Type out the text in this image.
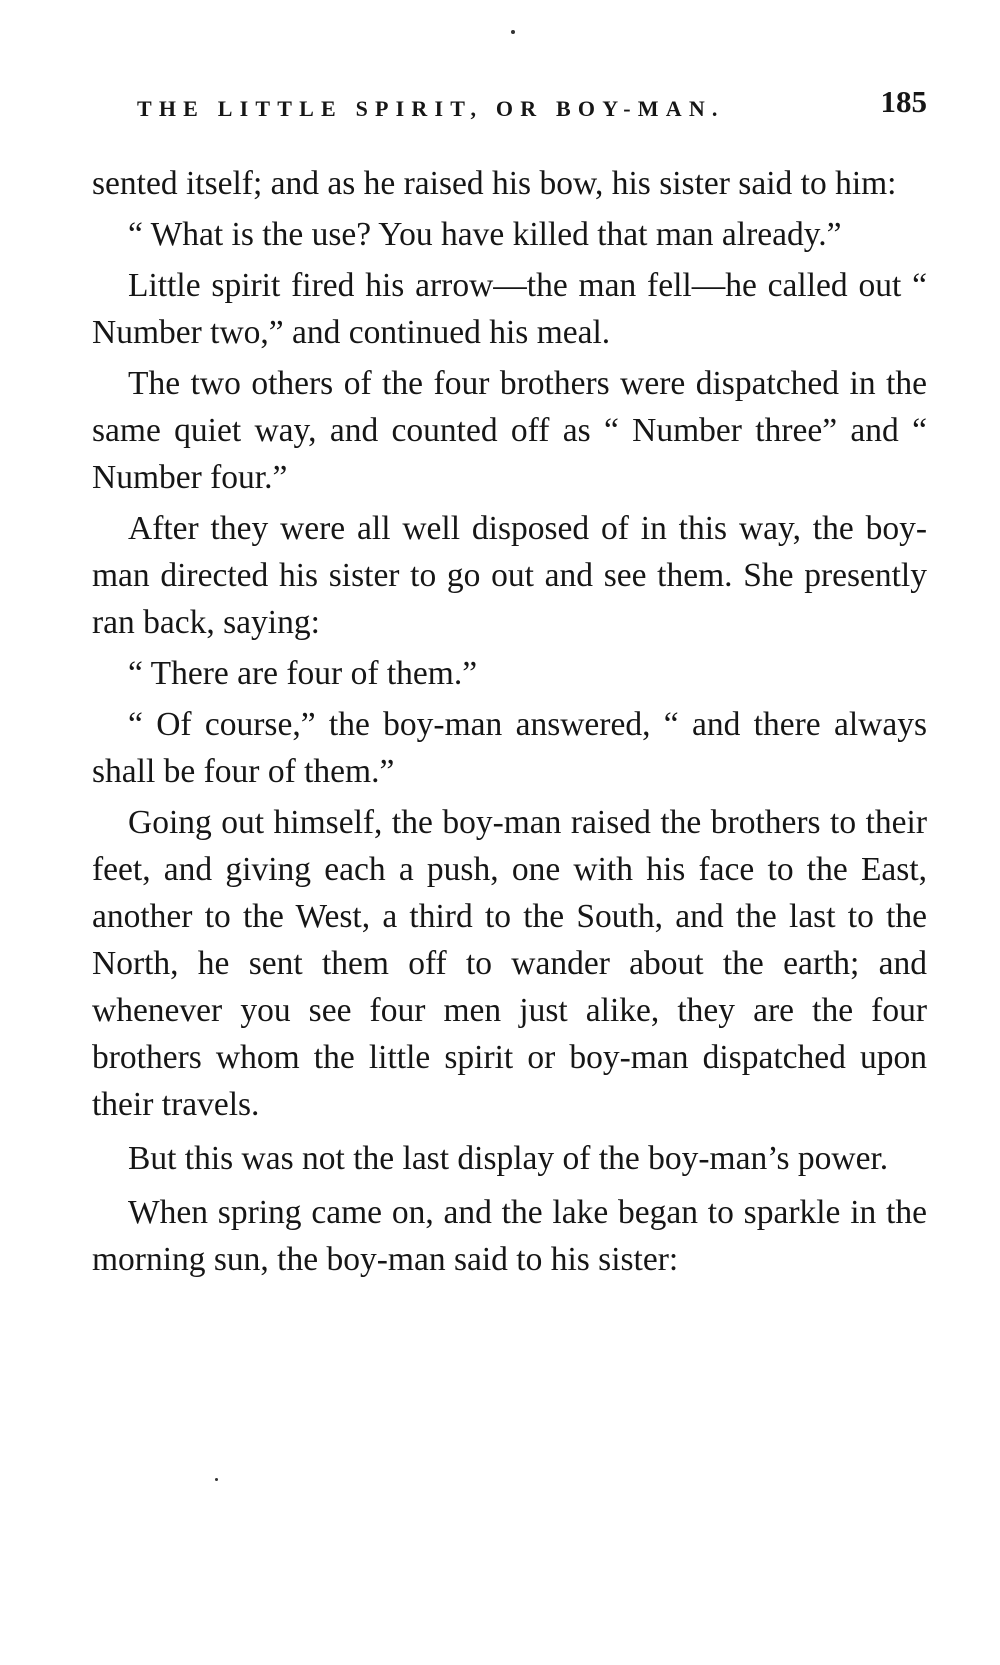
THE LITTLE SPIRIT, OR BOY-MAN.	185

sented itself; and as he raised his bow, his sister said to him:

“ What is the use? You have killed that man already.”

Little spirit fired his arrow—the man fell—he called out “ Number two,” and continued his meal.

The two others of the four brothers were dispatched in the same quiet way, and counted off as “ Number three” and “ Number four.”

After they were all well disposed of in this way, the boy-man directed his sister to go out and see them. She presently ran back, saying:

“ There are four of them.”

“ Of course,” the boy-man answered, “ and there always shall be four of them.”

Going out himself, the boy-man raised the brothers to their feet, and giving each a push, one with his face to the East, another to the West, a third to the South, and the last to the North, he sent them off to wander about the earth; and whenever you see four men just alike, they are the four brothers whom the little spirit or boy-man dispatched upon their travels.

But this was not the last display of the boy-man’s power.

When spring came on, and the lake began to sparkle in the morning sun, the boy-man said to his sister:
